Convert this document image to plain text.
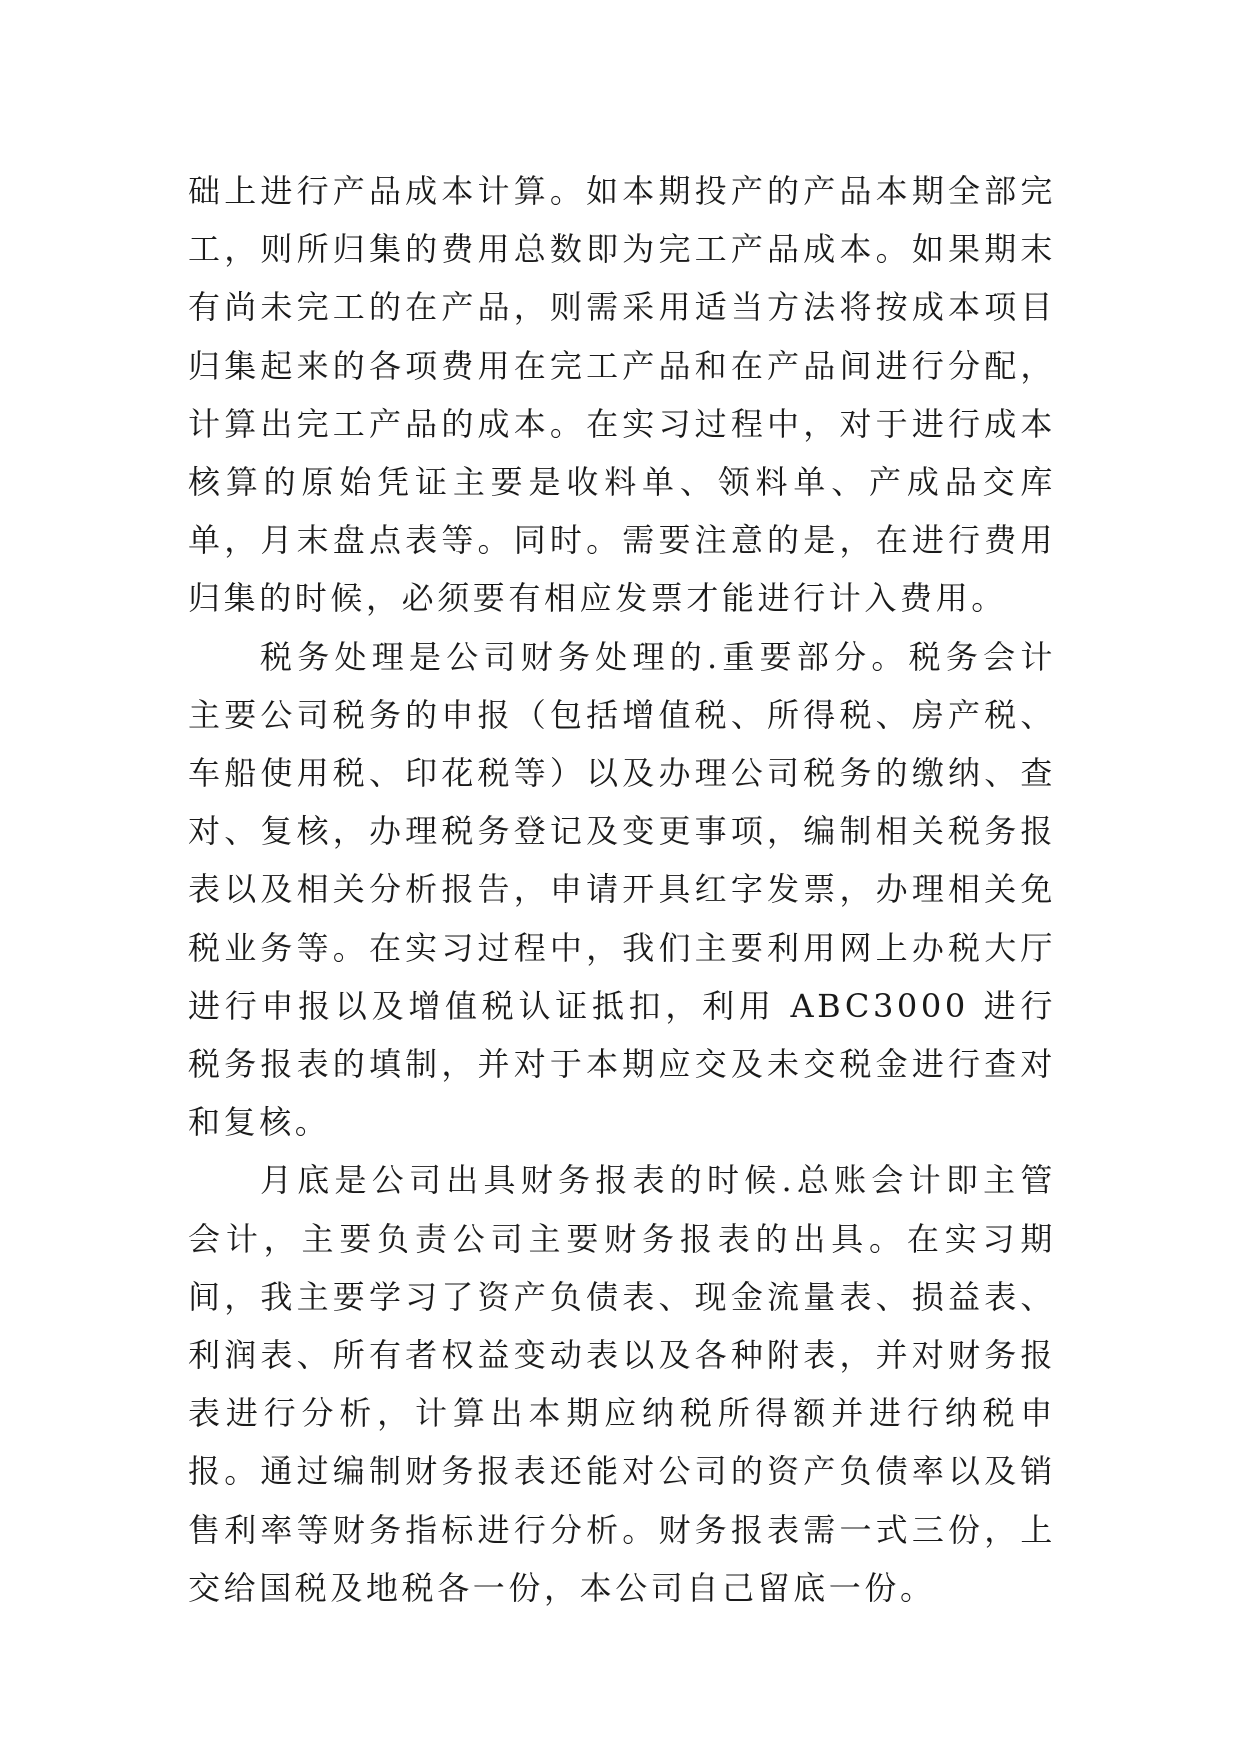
础上进行产品成本计算。如本期投产的产品本期全部完工，则所归集的费用总数即为完工产品成本。如果期末有尚未完工的在产品，则需采用适当方法将按成本项目归集起来的各项费用在完工产品和在产品间进行分配，计算出完工产品的成本。在实习过程中，对于进行成本核算的原始凭证主要是收料单、领料单、产成品交库单，月末盘点表等。同时。需要注意的是，在进行费用归集的时候，必须要有相应发票才能进行计入费用。

税务处理是公司财务处理的.重要部分。税务会计主要公司税务的申报（包括增值税、所得税、房产税、车船使用税、印花税等）以及办理公司税务的缴纳、查对、复核，办理税务登记及变更事项，编制相关税务报表以及相关分析报告，申请开具红字发票，办理相关免税业务等。在实习过程中，我们主要利用网上办税大厅进行申报以及增值税认证抵扣，利用 ABC3000 进行税务报表的填制，并对于本期应交及未交税金进行查对和复核。

月底是公司出具财务报表的时候.总账会计即主管会计，主要负责公司主要财务报表的出具。在实习期间，我主要学习了资产负债表、现金流量表、损益表、利润表、所有者权益变动表以及各种附表，并对财务报表进行分析，计算出本期应纳税所得额并进行纳税申报。通过编制财务报表还能对公司的资产负债率以及销售利率等财务指标进行分析。财务报表需一式三份，上交给国税及地税各一份，本公司自己留底一份。
